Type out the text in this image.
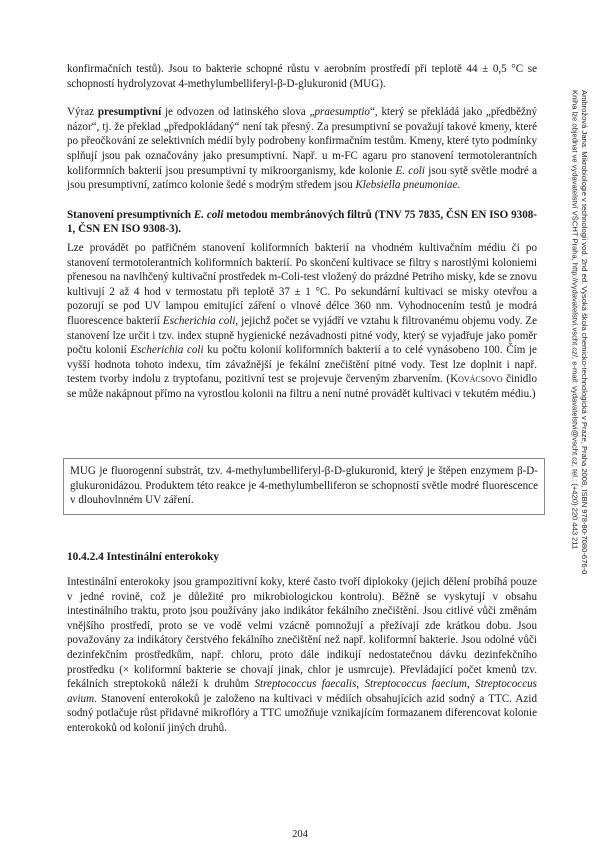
Ambrožová Jana: Mikrobiologie v technologii vod. 2nd ed. Vysoká škola chemicko-technologická v Praze, Praha 2008, ISBN 978-80-7080-676-0
Kniha lze objednat ve vydavatelství VŠCHT Praha, http://vydavatelstvi.vscht.cz/, e-mail: vydavatelstvi@vscht.cz, tel.: (+420) 220 443 211

konfirmačních testů). Jsou to bakterie schopné růstu v aerobním prostředí při teplotě 44 ± 0,5 °C se schopností hydrolyzovat 4-methylumbelliferyl-β-D-glukuronid (MUG).

Výraz presumptivní je odvozen od latinského slova „praesumptio“, který se překládá jako „předběžný názor“, tj. že překlad „předpokládaný“ není tak přesný. Za presumptivní se považují takové kmeny, které po přeočkování ze selektivních médií byly podrobeny konfirmačním testům. Kmeny, které tyto podmínky splňují jsou pak označovány jako presumptivní. Např. u m-FC agaru pro stanovení termotolerantních koliformních bakterií jsou presumptivní ty mikroorganismy, kde kolonie E. coli jsou sytě světle modré a jsou presumptivní, zatímco kolonie šedé s modrým středem jsou Klebsiella pneumoniae.

Stanovení presumptivních E. coli metodou membránových filtrů (TNV 75 7835, ČSN EN ISO 9308-1, ČSN EN ISO 9308-3).

Lze provádět po patřičném stanovení koliformních bakterií na vhodném kultivačním médiu či po stanovení termotolerantních koliformních bakterií. Po skončení kultivace se filtry s narostlými koloniemi přenesou na navlhčený kultivační prostředek m-Coli-test vložený do prázdné Petriho misky, kde se znovu kultivují 2 až 4 hod v termostatu při teplotě 37 ± 1 °C. Po sekundární kultivaci se misky otevřou a pozorují se pod UV lampou emitující záření o vlnové délce 360 nm. Vyhodnocením testů je modrá fluorescence bakterií Escherichia coli, jejichž počet se vyjádří ve vztahu k filtrovanému objemu vody. Ze stanovení lze určit i tzv. index stupně hygienické nezávadnosti pitné vody, který se vyjadřuje jako poměr počtu kolonií Escherichia coli ku počtu kolonií koliformních bakterií a to celé vynásobeno 100. Čím je vyšší hodnota tohoto indexu, tím závažnější je fekální znečištění pitné vody. Test lze doplnit i např. testem tvorby indolu z tryptofanu, pozitivní test se projevuje červeným zbarvením. (Kovácsovo činidlo se může nakápnout přímo na vyrostlou kolonii na filtru a není nutné provádět kultivaci v tekutém médiu.)

MUG je fluorogenní substrát, tzv. 4-methylumbelliferyl-β-D-glukuronid, který je štěpen enzymem β-D-glukuronidázou. Produktem této reakce je 4-methylumbelliferon se schopností světle modré fluorescence v dlouhovlnném UV záření.
10.4.2.4 Intestinální enterokoky
Intestinální enterokoky jsou grampozitivní koky, které často tvoří diplokoky (jejich dělení probíhá pouze v jedné rovině, což je důležité pro mikrobiologickou kontrolu). Běžně se vyskytují v obsahu intestinálního traktu, proto jsou používány jako indikátor fekálního znečištění. Jsou citlivé vůči změnám vnějšího prostředí, proto se ve vodě velmi vzácně pomnožují a přežívají zde krátkou dobu. Jsou považovány za indikátory čerstvého fekálního znečištění než např. koliformní bakterie. Jsou odolné vůči dezinfekčním prostředkům, např. chloru, proto dále indikují nedostatečnou dávku dezinfekčního prostředku (× koliformní bakterie se chovají jinak, chlor je usmrcuje). Převládající počet kmenů tzv. fekálních streptokoků náleží k druhům Streptococcus faecalis, Streptococcus faecium, Streptococcus avium. Stanovení enterokoků je založeno na kultivaci v médiích obsahujících azid sodný a TTC. Azid sodný potlačuje růst přidavné mikroflóry a TTC umožňuje vznikajícím formazanem diferencovat kolonie enterokoků od kolonií jiných druhů.
204
